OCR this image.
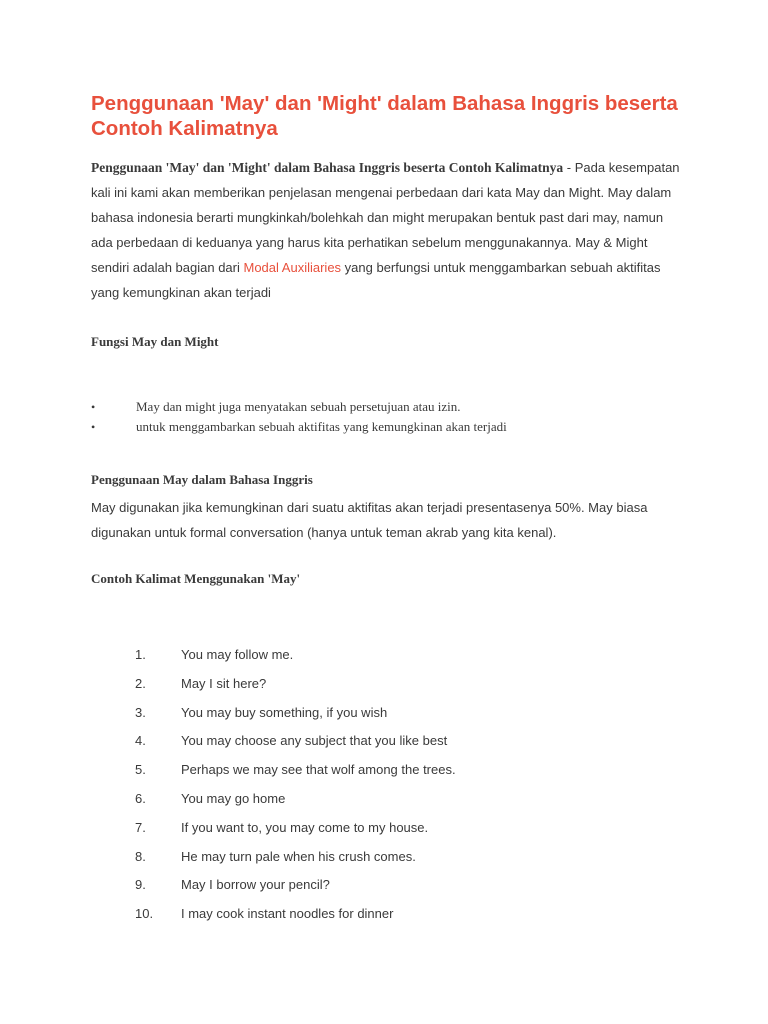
Penggunaan 'May' dan 'Might' dalam Bahasa Inggris beserta Contoh Kalimatnya

Penggunaan 'May' dan 'Might' dalam Bahasa Inggris beserta Contoh Kalimatnya - Pada kesempatan kali ini kami akan memberikan penjelasan mengenai perbedaan dari kata May dan Might. May dalam bahasa indonesia berarti mungkinkah/bolehkah dan might merupakan bentuk past dari may, namun ada perbedaan di keduanya yang harus kita perhatikan sebelum menggunakannya. May & Might sendiri adalah bagian dari Modal Auxiliaries yang berfungsi untuk menggambarkan sebuah aktifitas yang kemungkinan akan terjadi

Fungsi May dan Might
•	May dan might juga menyatakan sebuah persetujuan atau izin.
•	untuk menggambarkan sebuah aktifitas yang kemungkinan akan terjadi
Penggunaan May dalam Bahasa Inggris

May digunakan jika kemungkinan dari suatu aktifitas akan terjadi presentasenya 50%. May biasa digunakan untuk formal conversation (hanya untuk teman akrab yang kita kenal).

Contoh Kalimat Menggunakan 'May'
1.	You may follow me.
2.	May I sit here?
3.	You may buy something, if you wish
4.	You may choose any subject that you like best
5.	Perhaps we may see that wolf among the trees.
6.	You may go home
7.	If you want to, you may come to my house.
8.	He may turn pale when his crush comes.
9.	May I borrow your pencil?
10. I may cook instant noodles for dinner
